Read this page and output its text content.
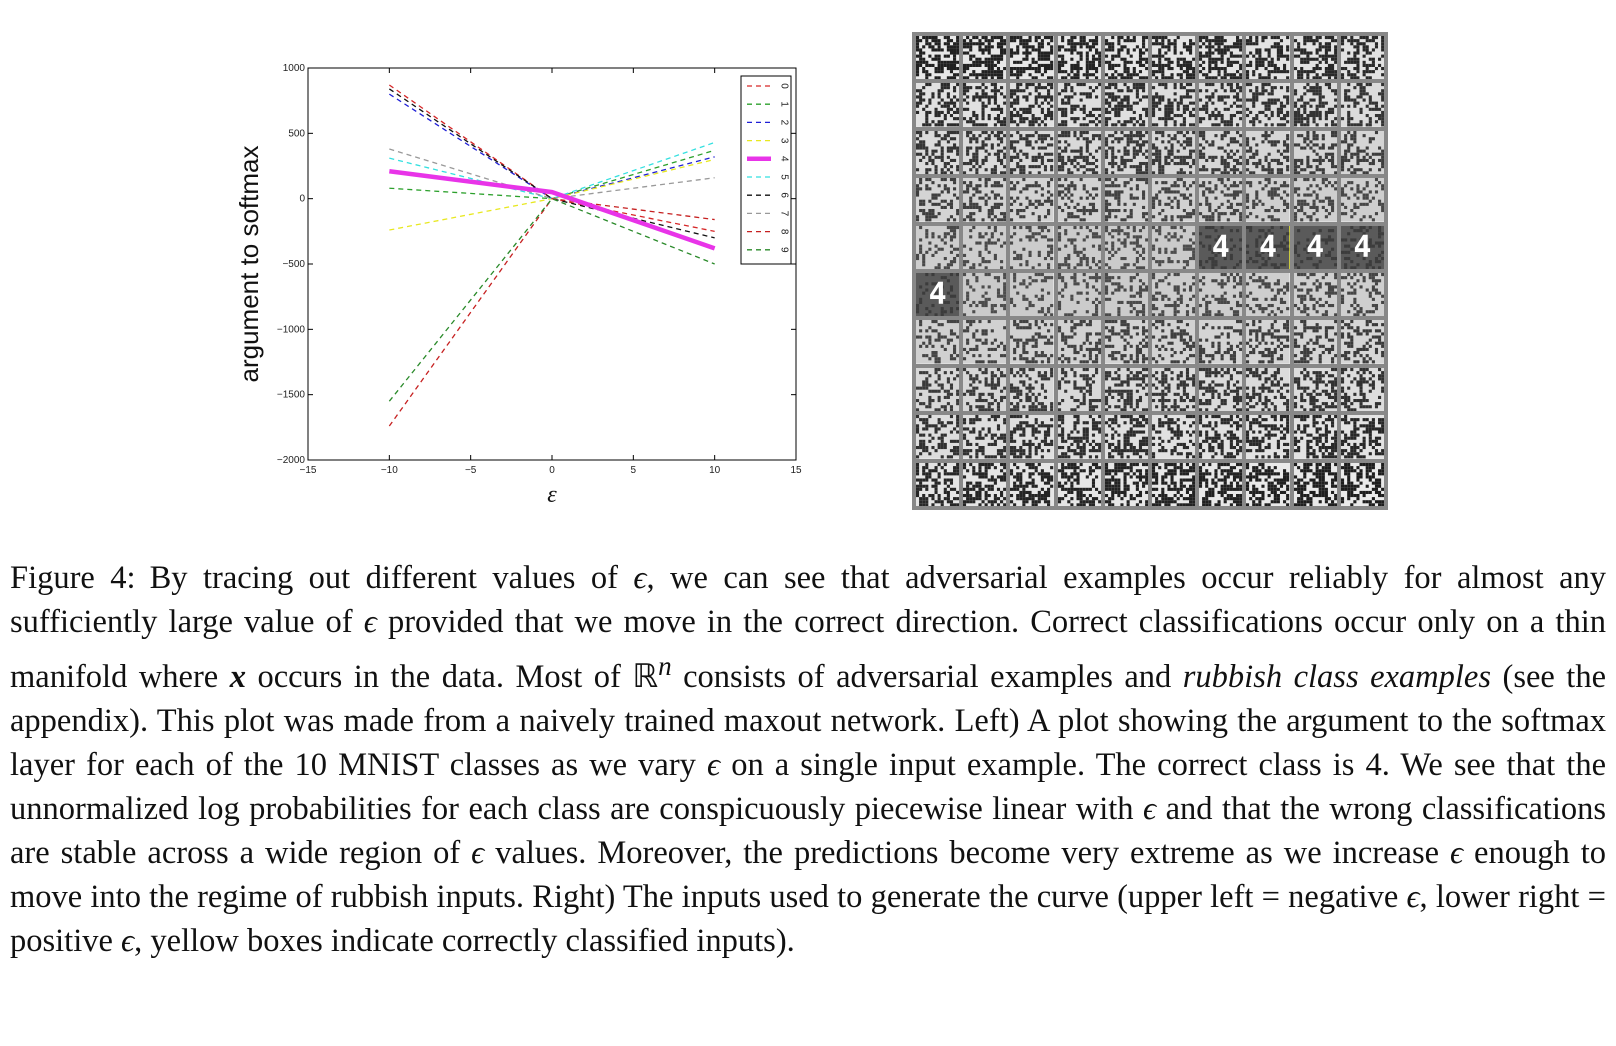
−15	−10	−5	0	5	10	15
1000
500
0
−500
−1000
−1500
−2000
0
1
2
3
4
5
6
7
8
9
argument to softmax
ε
4 4 4 4
4
Figure 4: By tracing out different values of ϵ, we can see that adversarial examples occur reliably for almost any sufficiently large value of ϵ provided that we move in the correct direction. Correct classifications occur only on a thin manifold where x occurs in the data. Most of ℝ$^n$ consists of adversarial examples and rubbish class examples (see the appendix). This plot was made from a naively trained maxout network. Left) A plot showing the argument to the softmax layer for each of the 10 MNIST classes as we vary ϵ on a single input example. The correct class is 4. We see that the unnormalized log probabilities for each class are conspicuously piecewise linear with ϵ and that the wrong classifications are stable across a wide region of ϵ values. Moreover, the predictions become very extreme as we increase ϵ enough to move into the regime of rubbish inputs. Right) The inputs used to generate the curve (upper left = negative ϵ, lower right = positive ϵ, yellow boxes indicate correctly classified inputs).
